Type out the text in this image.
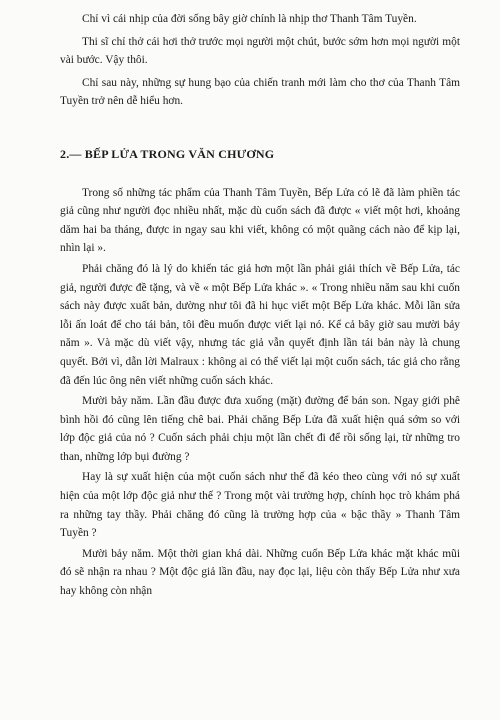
Chỉ vì cái nhịp của đời sống bây giờ chính là nhịp thơ Thanh Tâm Tuyền.

Thi sĩ chỉ thở cái hơi thở trước mọi người một chút, bước sớm hơn mọi người một vài bước. Vậy thôi.

Chỉ sau này, những sự hung bạo của chiến tranh mới làm cho thơ của Thanh Tâm Tuyền trở nên dễ hiểu hơn.

2.— BẾP LỬA TRONG VĂN CHƯƠNG

Trong số những tác phẩm của Thanh Tâm Tuyền, Bếp Lửa có lẽ đã làm phiền tác giả cũng như người đọc nhiều nhất, mặc dù cuốn sách đã được « viết một hơi, khoảng dăm hai ba tháng, được in ngay sau khi viết, không có một quãng cách nào để kịp lại, nhìn lại ».

Phải chăng đó là lý do khiến tác giả hơn một lần phải giải thích về Bếp Lửa, tác giả, người được đề tặng, và về « một Bếp Lửa khác ». « Trong nhiều năm sau khi cuốn sách này được xuất bản, dường như tôi đã hi hục viết một Bếp Lửa khác. Mỗi lần sửa lỗi ấn loát để cho tái bản, tôi đều muốn được viết lại nó. Kể cả bây giờ sau mười bảy năm ». Và mặc dù viết vậy, nhưng tác giả vẫn quyết định lần tái bản này là chung quyết. Bởi vì, dẫn lời Malraux : không ai có thể viết lại một cuốn sách, tác giả cho rằng đã đến lúc ông nên viết những cuốn sách khác.

Mười bảy năm. Lần đầu được đưa xuống (mặt) đường để bán son. Ngay giới phê bình hồi đó cũng lên tiếng chê bai. Phải chăng Bếp Lửa đã xuất hiện quá sớm so với lớp độc giả của nó ? Cuốn sách phải chịu một lần chết đi để rồi sống lại, từ những tro than, những lớp bụi đường ?

Hay là sự xuất hiện của một cuốn sách như thế đã kéo theo cùng với nó sự xuất hiện của một lớp độc giả như thế ? Trong một vài trường hợp, chính học trò khám phá ra những tay thầy. Phải chăng đó cũng là trường hợp của « bậc thầy » Thanh Tâm Tuyền ?

Mười bảy năm. Một thời gian khá dài. Những cuốn Bếp Lửa khác mặt khác mũi đó sẽ nhận ra nhau ? Một độc giả lần đầu, nay đọc lại, liệu còn thấy Bếp Lửa như xưa hay không còn nhận
